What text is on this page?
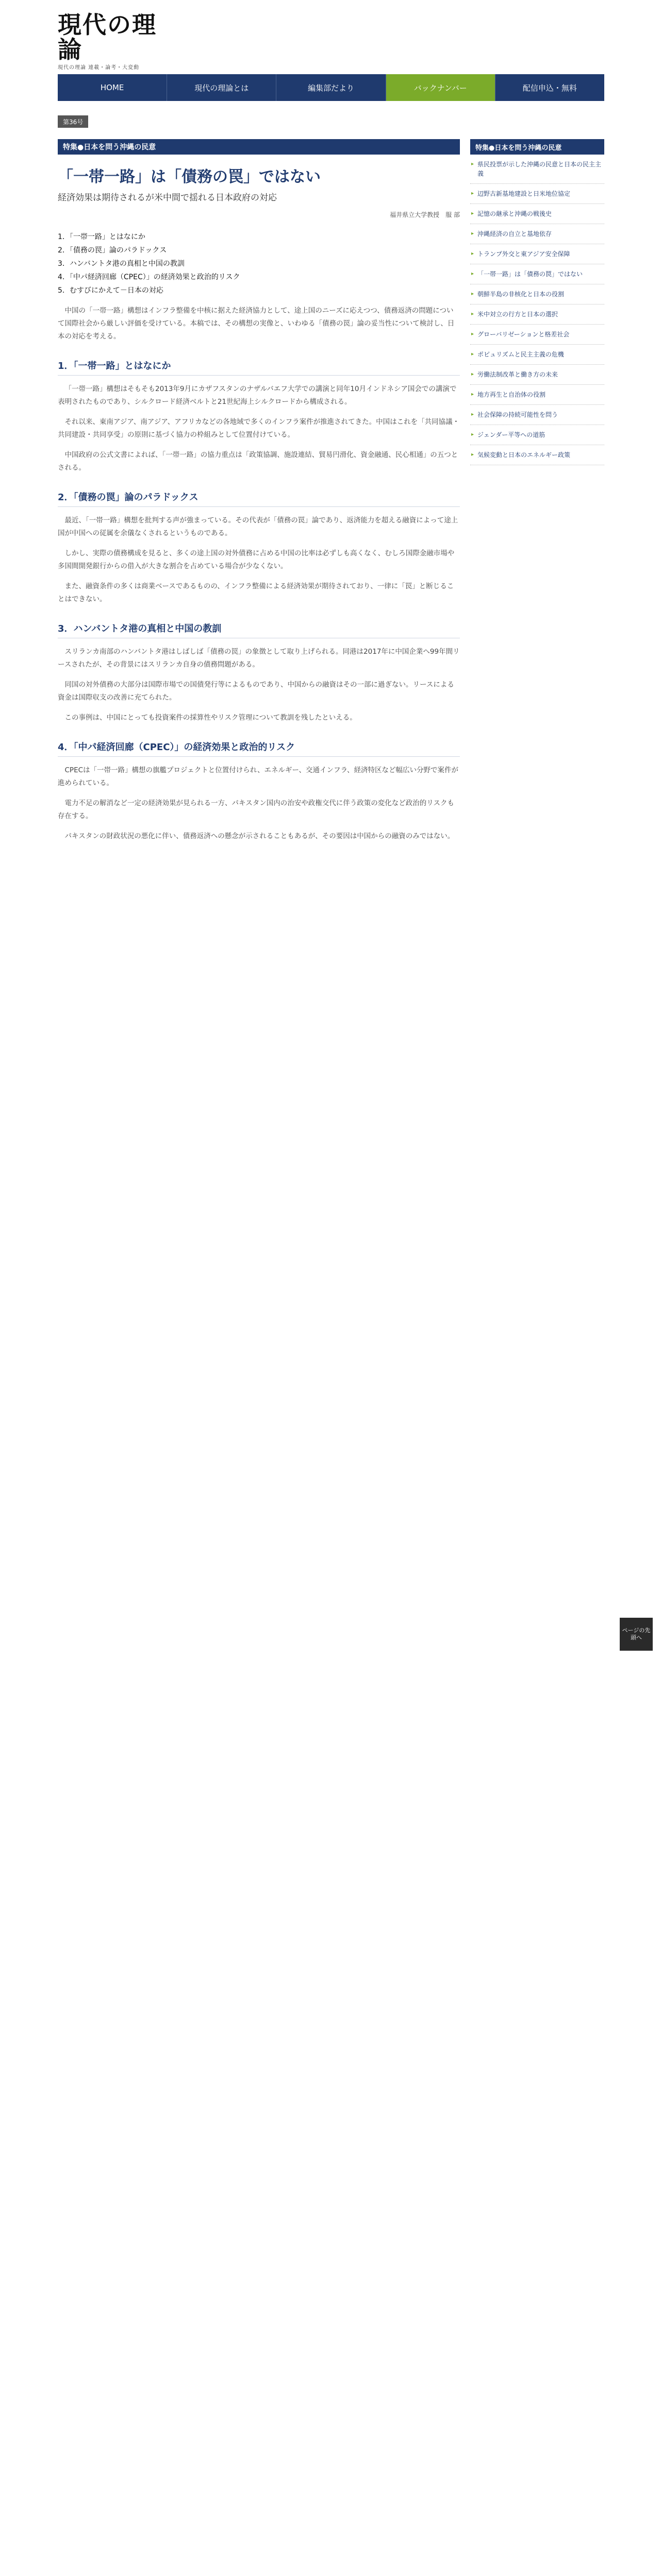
現代の理論
現代の理論 連載・論考・大変動
HOME	現代の理論とは	編集部だより	バックナンバー	配信申込・無料
第36号
特集●日本を問う沖縄の民意
「一帯一路」は「債務の罠」ではない
経済効果は期待されるが米中間で揺れる日本政府の対応
福井県立大学教授　服 部
1．「一帯一路」とはなにか
2．「債務の罠」論のパラドックス
3．ハンバントタ港の真相と中国の教訓
4．「中パ経済回廊（CPEC）」の経済効果と政治的リスク
5．むすびにかえて－日本の対応

中国の「一帯一路」構想はインフラ整備を中核に据えた経済協力として、途上国のニーズに応えつつ、債務返済の問題について国際社会から厳しい評価を受けている。本稿では、その構想の実像と、いわゆる「債務の罠」論の妥当性について検討し、日本の対応を考える。

1．「一帯一路」とはなにか

「一帯一路」構想はそもそも2013年9月にカザフスタンのナザルバエフ大学での講演と同年10月インドネシア国会での講演で表明されたものであり、シルクロード経済ベルトと21世紀海上シルクロードから構成される。

それ以来、東南アジア、南アジア、アフリカなどの各地域で多くのインフラ案件が推進されてきた。中国はこれを「共同協議・共同建設・共同享受」の原則に基づく協力の枠組みとして位置付けている。

中国政府の公式文書によれば、「一帯一路」の協力重点は「政策協調、施設連結、貿易円滑化、資金融通、民心相通」の五つとされる。

2．「債務の罠」論のパラドックス

最近、「一帯一路」構想を批判する声が強まっている。その代表が「債務の罠」論であり、返済能力を超える融資によって途上国が中国への従属を余儀なくされるというものである。

しかし、実際の債務構成を見ると、多くの途上国の対外債務に占める中国の比率は必ずしも高くなく、むしろ国際金融市場や多国間開発銀行からの借入が大きな割合を占めている場合が少なくない。

また、融資条件の多くは商業ベースであるものの、インフラ整備による経済効果が期待されており、一律に「罠」と断じることはできない。

3．ハンバントタ港の真相と中国の教訓

スリランカ南部のハンバントタ港はしばしば「債務の罠」の象徴として取り上げられる。同港は2017年に中国企業へ99年間リースされたが、その背景にはスリランカ自身の債務問題がある。

同国の対外債務の大部分は国際市場での国債発行等によるものであり、中国からの融資はその一部に過ぎない。リースによる資金は国際収支の改善に充てられた。

この事例は、中国にとっても投資案件の採算性やリスク管理について教訓を残したといえる。

4．「中パ経済回廊（CPEC）」の経済効果と政治的リスク

CPECは「一帯一路」構想の旗艦プロジェクトと位置付けられ、エネルギー、交通インフラ、経済特区など幅広い分野で案件が進められている。

電力不足の解消など一定の経済効果が見られる一方、パキスタン国内の治安や政権交代に伴う政策の変化など政治的リスクも存在する。

パキスタンの財政状況の悪化に伴い、債務返済への懸念が示されることもあるが、その要因は中国からの融資のみではない。

特集●日本を問う沖縄の民意
▸ 県民投票が示した沖縄の民意と日本の民主主義
▸ 辺野古新基地建設と日米地位協定
▸ 記憶の継承と沖縄の戦後史
▸ 沖縄経済の自立と基地依存
▸ トランプ外交と東アジア安全保障
▸ 「一帯一路」は「債務の罠」ではない
▸ 朝鮮半島の非核化と日本の役割
▸ 米中対立の行方と日本の選択
▸ グローバリゼーションと格差社会
▸ ポピュリズムと民主主義の危機
▸ 労働法制改革と働き方の未来
▸ 地方再生と自治体の役割
▸ 社会保障の持続可能性を問う
▸ ジェンダー平等への道筋
▸ 気候変動と日本のエネルギー政策
ページの先頭へ
